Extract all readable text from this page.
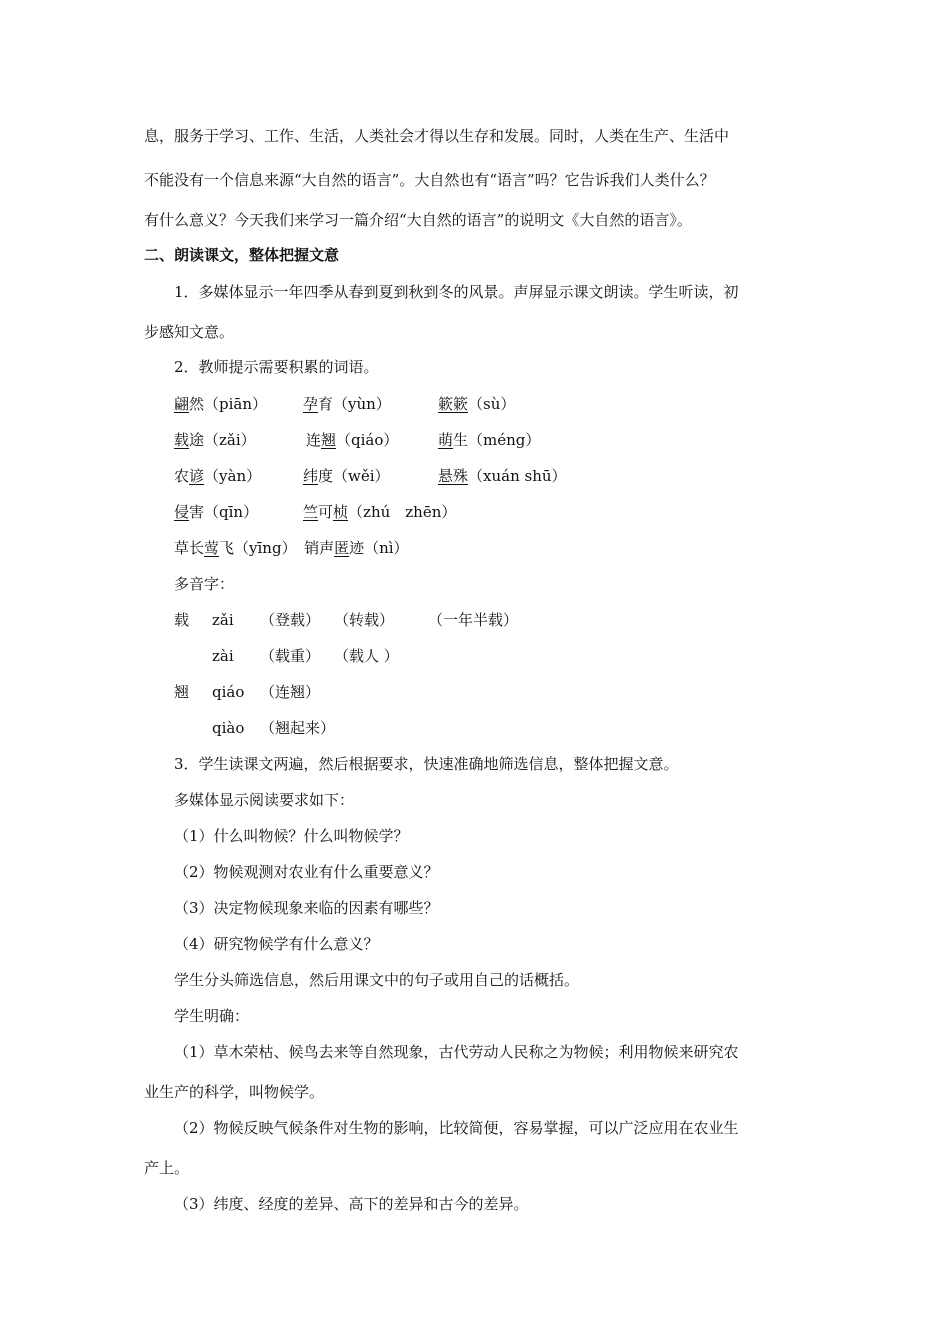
息，服务于学习、工作、生活，人类社会才得以生存和发展。同时，人类在生产、生活中
不能没有一个信息来源“大自然的语言”。大自然也有“语言”吗？它告诉我们人类什么？
有什么意义？今天我们来学习一篇介绍“大自然的语言”的说明文《大自然的语言》。
二、朗读课文，整体把握文意
1．多媒体显示一年四季从春到夏到秋到冬的风景。声屏显示课文朗读。学生听读，初
步感知文意。
2．教师提示需要积累的词语。
翩然（piān） 孕育（yùn）	簌簌（sù）
载途（zǎi）	连翘（qiáo）	萌生（méng）
农谚（yàn）	纬度（wěi）	悬殊（xuán shū）
侵害（qīn）	竺可桢（zhú　zhēn）
草长莺飞（yīng）　销声匿迹（nì）
多音字：
载 zǎi （登载） （转载） （一年半载）
zài （载重） （载人 ）
翘 qiáo （连翘）
qiào （翘起来）
3．学生读课文两遍，然后根据要求，快速准确地筛选信息，整体把握文意。
多媒体显示阅读要求如下：
（1）什么叫物候？什么叫物候学？
（2）物候观测对农业有什么重要意义？
（3）决定物候现象来临的因素有哪些？
（4）研究物候学有什么意义？
学生分头筛选信息，然后用课文中的句子或用自己的话概括。
学生明确：
（1）草木荣枯、候鸟去来等自然现象，古代劳动人民称之为物候；利用物候来研究农
业生产的科学，叫物候学。
（2）物候反映气候条件对生物的影响，比较简便，容易掌握，可以广泛应用在农业生
产上。
（3）纬度、经度的差异、高下的差异和古今的差异。
